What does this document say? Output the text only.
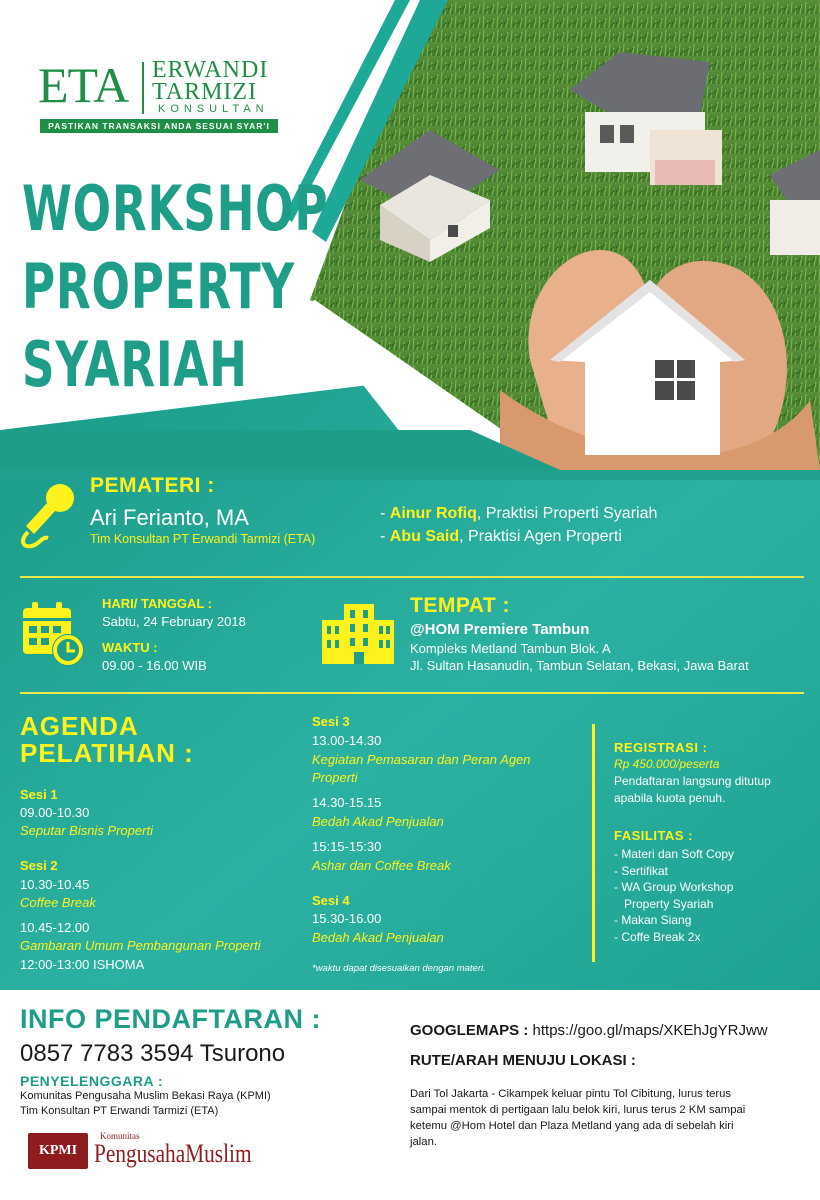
ETA ERWANDI
TARMIZI
KONSULTAN
PASTIKAN TRANSAKSI ANDA SESUAI SYAR'I
WORKSHOP
PROPERTY
SYARIAH
PEMATERI :
Ari Ferianto, MA
Tim Konsultan PT Erwandi Tarmizi (ETA)
- Ainur Rofiq, Praktisi Properti Syariah
- Abu Said, Praktisi Agen Properti
HARI/ TANGGAL :
Sabtu, 24 February 2018
WAKTU :
09.00 - 16.00 WIB
TEMPAT :
@HOM Premiere Tambun
Kompleks Metland Tambun Blok. A
Jl. Sultan Hasanudin, Tambun Selatan, Bekasi, Jawa Barat
AGENDA
PELATIHAN :
Sesi 1
09.00-10.30
Seputar Bisnis Properti
Sesi 2
10.30-10.45
Coffee Break
10.45-12.00
Gambaran Umum Pembangunan Properti
12:00-13:00 ISHOMA
Sesi 3
13.00-14.30
Kegiatan Pemasaran dan Peran Agen
Properti
14.30-15.15
Bedah Akad Penjualan
15:15-15:30
Ashar dan Coffee Break
Sesi 4
15.30-16.00
Bedah Akad Penjualan
*waktu dapat disesuaikan dengan materi.
REGISTRASI :
Rp 450.000/peserta
Pendaftaran langsung ditutup
apabila kuota penuh.
FASILITAS :
- Materi dan Soft Copy
- Sertifikat
- WA Group Workshop
Property Syariah
- Makan Siang
- Coffe Break 2x
INFO PENDAFTARAN :
0857 7783 3594 Tsurono
PENYELENGGARA :
Komunitas Pengusaha Muslim Bekasi Raya (KPMI)
Tim Konsultan PT Erwandi Tarmizi (ETA)
KPMI
Komunitas
PengusahaMuslim
GOOGLEMAPS : https://goo.gl/maps/XKEhJgYRJww
RUTE/ARAH MENUJU LOKASI :
Dari Tol Jakarta - Cikampek keluar pintu Tol Cibitung, lurus terus
sampai mentok di pertigaan lalu belok kiri, lurus terus 2 KM sampai
ketemu @Hom Hotel dan Plaza Metland yang ada di sebelah kiri
jalan.
